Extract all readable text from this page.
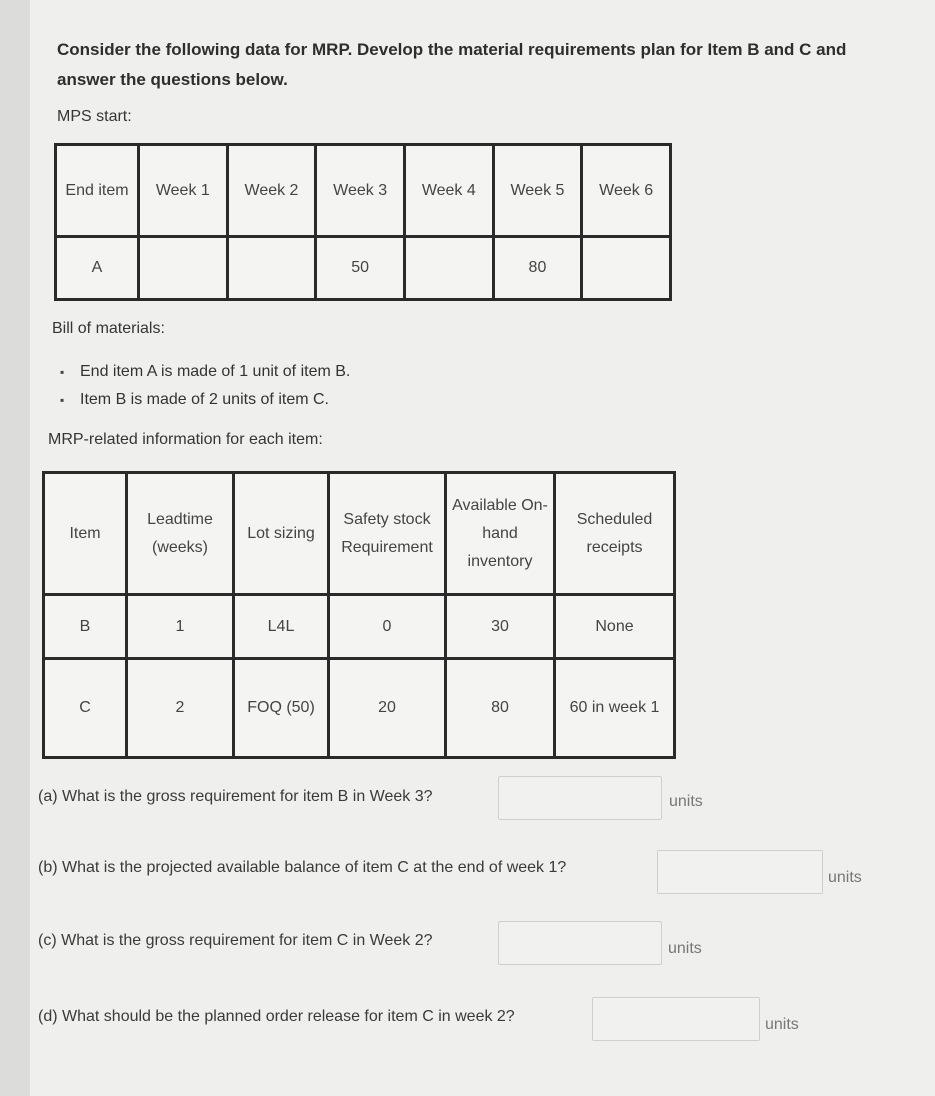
Consider the following data for MRP. Develop the material requirements plan for Item B and C and answer the questions below.
MPS start:
End item	Week 1	Week 2	Week 3	Week 4	Week 5	Week 6
A			50		80	
Bill of materials:
▪ End item A is made of 1 unit of item B.
▪ Item B is made of 2 units of item C.
MRP-related information for each item:
Item	Leadtime (weeks)	Lot sizing	Safety stock Requirement	Available On-hand inventory	Scheduled receipts
B	1	L4L	0	30	None
C	2	FOQ (50)	20	80	60 in week 1
(a) What is the gross requirement for item B in Week 3?	units
(b) What is the projected available balance of item C at the end of week 1?
units
(c) What is the gross requirement for item C in Week 2?	units
(d) What should be the planned order release for item C in week 2?	units
